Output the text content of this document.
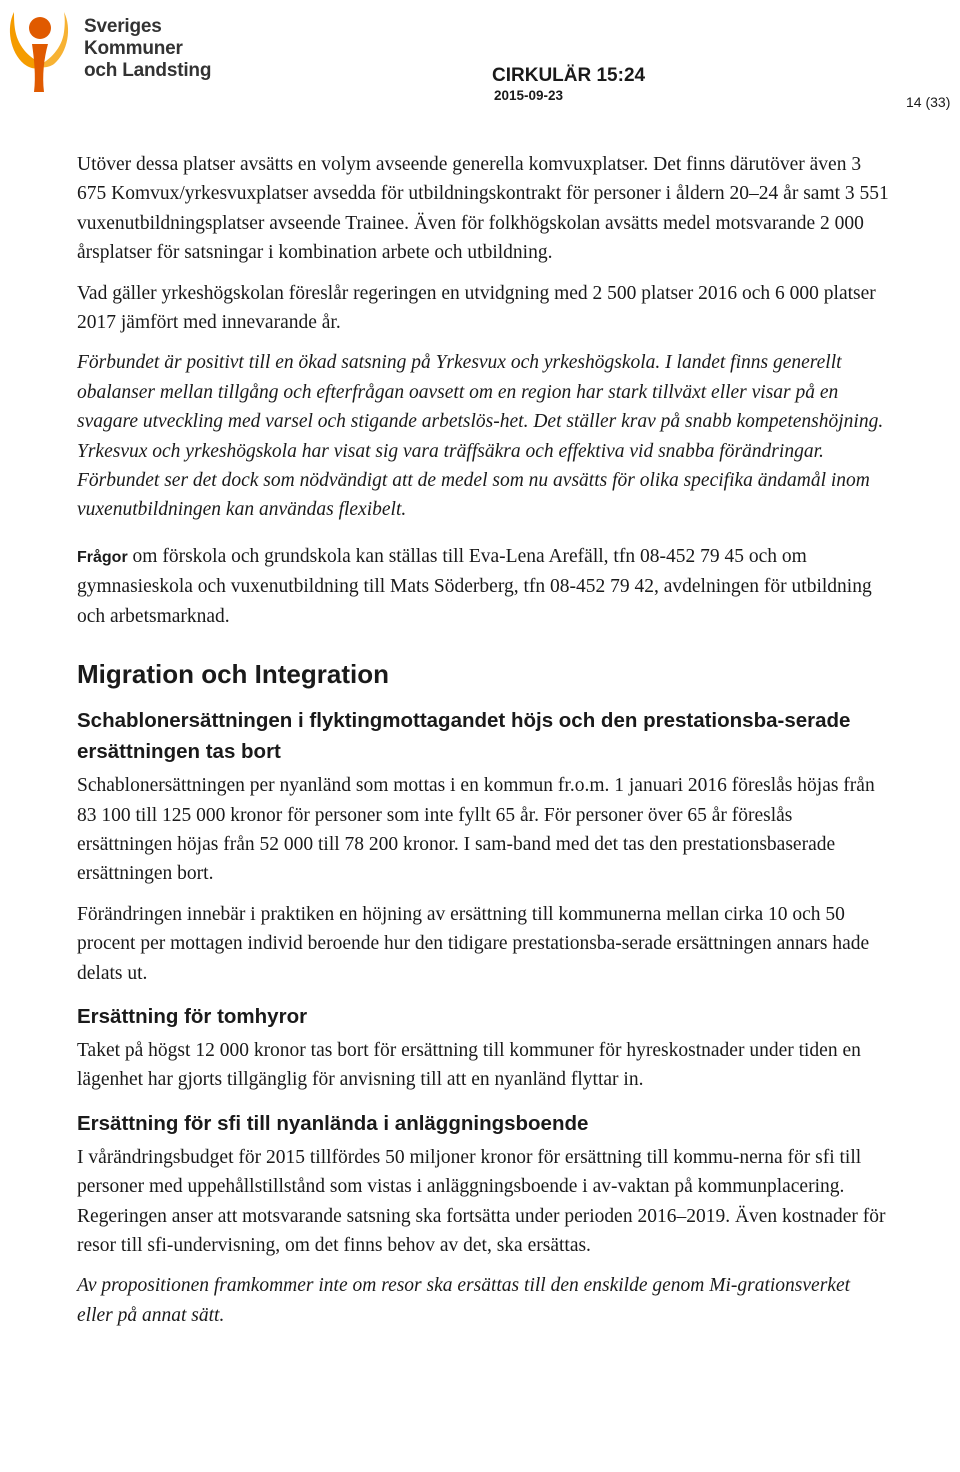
Sveriges
Kommuner
och Landsting	CIRKULÄR 15:24
2015-09-23	14 (33)

Utöver dessa platser avsätts en volym avseende generella komvuxplatser. Det finns därutöver även 3 675 Komvux/yrkesvuxplatser avsedda för utbildningskontrakt för personer i åldern 20–24 år samt 3 551 vuxenutbildningsplatser avseende Trainee. Även för folkhögskolan avsätts medel motsvarande 2 000 årsplatser för satsningar i kombination arbete och utbildning.

Vad gäller yrkeshögskolan föreslår regeringen en utvidgning med 2 500 platser 2016 och 6 000 platser 2017 jämfört med innevarande år.

Förbundet är positivt till en ökad satsning på Yrkesvux och yrkeshögskola. I landet finns generellt obalanser mellan tillgång och efterfrågan oavsett om en region har stark tillväxt eller visar på en svagare utveckling med varsel och stigande arbetslös-het. Det ställer krav på snabb kompetenshöjning. Yrkesvux och yrkeshögskola har visat sig vara träffsäkra och effektiva vid snabba förändringar. Förbundet ser det dock som nödvändigt att de medel som nu avsätts för olika specifika ändamål inom vuxenutbildningen kan användas flexibelt.

Frågor om förskola och grundskola kan ställas till Eva-Lena Arefäll, tfn 08-452 79 45 och om gymnasieskola och vuxenutbildning till Mats Söderberg, tfn 08-452 79 42, avdelningen för utbildning och arbetsmarknad.

Migration och Integration
Schablonersättningen i flyktingmottagandet höjs och den prestationsba-serade ersättningen tas bort

Schablonersättningen per nyanländ som mottas i en kommun fr.o.m. 1 januari 2016 föreslås höjas från 83 100 till 125 000 kronor för personer som inte fyllt 65 år. För personer över 65 år föreslås ersättningen höjas från 52 000 till 78 200 kronor. I sam-band med det tas den prestationsbaserade ersättningen bort.

Förändringen innebär i praktiken en höjning av ersättning till kommunerna mellan cirka 10 och 50 procent per mottagen individ beroende hur den tidigare prestationsba-serade ersättningen annars hade delats ut.

Ersättning för tomhyror

Taket på högst 12 000 kronor tas bort för ersättning till kommuner för hyreskostnader under tiden en lägenhet har gjorts tillgänglig för anvisning till att en nyanländ flyttar in.

Ersättning för sfi till nyanlända i anläggningsboende

I vårändringsbudget för 2015 tillfördes 50 miljoner kronor för ersättning till kommu-nerna för sfi till personer med uppehållstillstånd som vistas i anläggningsboende i av-vaktan på kommunplacering. Regeringen anser att motsvarande satsning ska fortsätta under perioden 2016–2019. Även kostnader för resor till sfi-undervisning, om det finns behov av det, ska ersättas.

Av propositionen framkommer inte om resor ska ersättas till den enskilde genom Mi-grationsverket eller på annat sätt.
